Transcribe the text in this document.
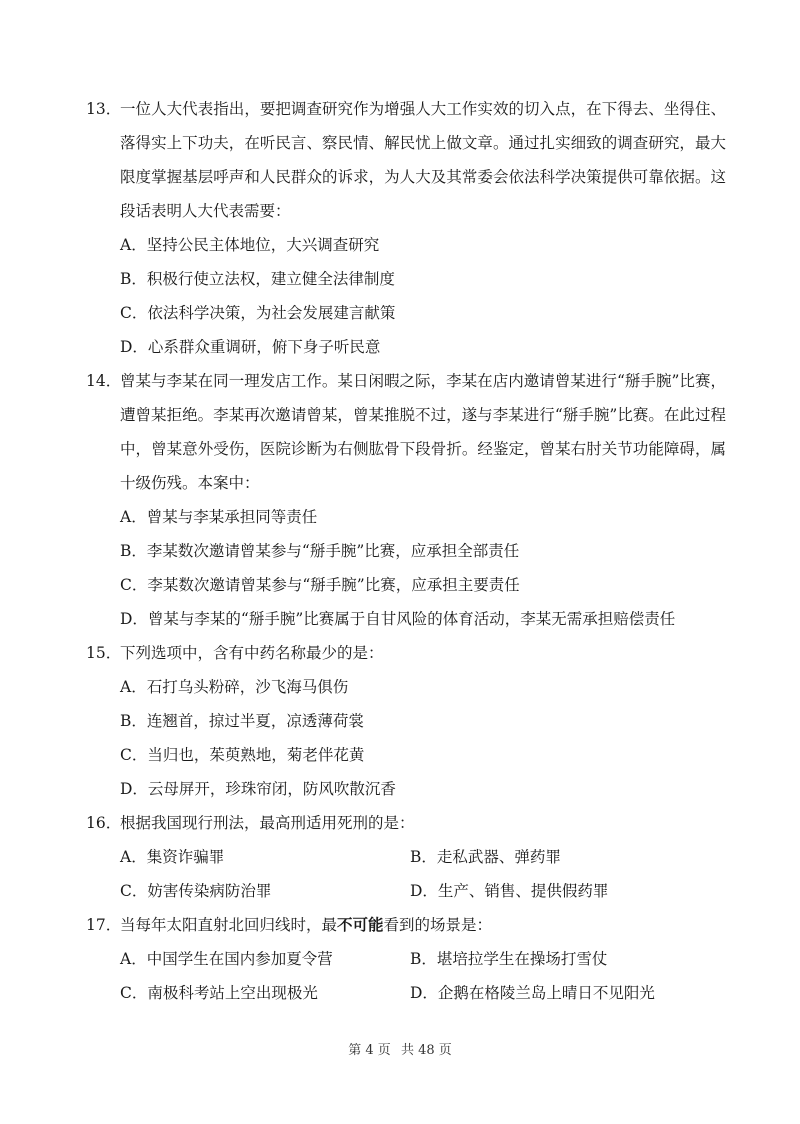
13．
一位人大代表指出，要把调查研究作为增强人大工作实效的切入点，在下得去、坐得住、落得实上下功夫，在听民言、察民情、解民忧上做文章。通过扎实细致的调查研究，最大限度掌握基层呼声和人民群众的诉求，为人大及其常委会依法科学决策提供可靠依据。这段话表明人大代表需要：
A．坚持公民主体地位，大兴调查研究
B．积极行使立法权，建立健全法律制度
C．依法科学决策，为社会发展建言献策
D．心系群众重调研，俯下身子听民意
14．
曾某与李某在同一理发店工作。某日闲暇之际，李某在店内邀请曾某进行“掰手腕”比赛，遭曾某拒绝。李某再次邀请曾某，曾某推脱不过，遂与李某进行“掰手腕”比赛。在此过程中，曾某意外受伤，医院诊断为右侧肱骨下段骨折。经鉴定，曾某右肘关节功能障碍，属十级伤残。本案中：
A．曾某与李某承担同等责任
B．李某数次邀请曾某参与“掰手腕”比赛，应承担全部责任
C．李某数次邀请曾某参与“掰手腕”比赛，应承担主要责任
D．曾某与李某的“掰手腕”比赛属于自甘风险的体育活动，李某无需承担赔偿责任
15．
下列选项中，含有中药名称最少的是：
A．石打乌头粉碎，沙飞海马俱伤
B．连翘首，掠过半夏，凉透薄荷裳
C．当归也，茱萸熟地，菊老伴花黄
D．云母屏开，珍珠帘闭，防风吹散沉香
16．
根据我国现行刑法，最高刑适用死刑的是：
A．集资诈骗罪	B．走私武器、弹药罪
C．妨害传染病防治罪	D．生产、销售、提供假药罪
17．
当每年太阳直射北回归线时，最不可能看到的场景是：
A．中国学生在国内参加夏令营	B．堪培拉学生在操场打雪仗
C．南极科考站上空出现极光	D．企鹅在格陵兰岛上晴日不见阳光
第 4 页 共 48 页
